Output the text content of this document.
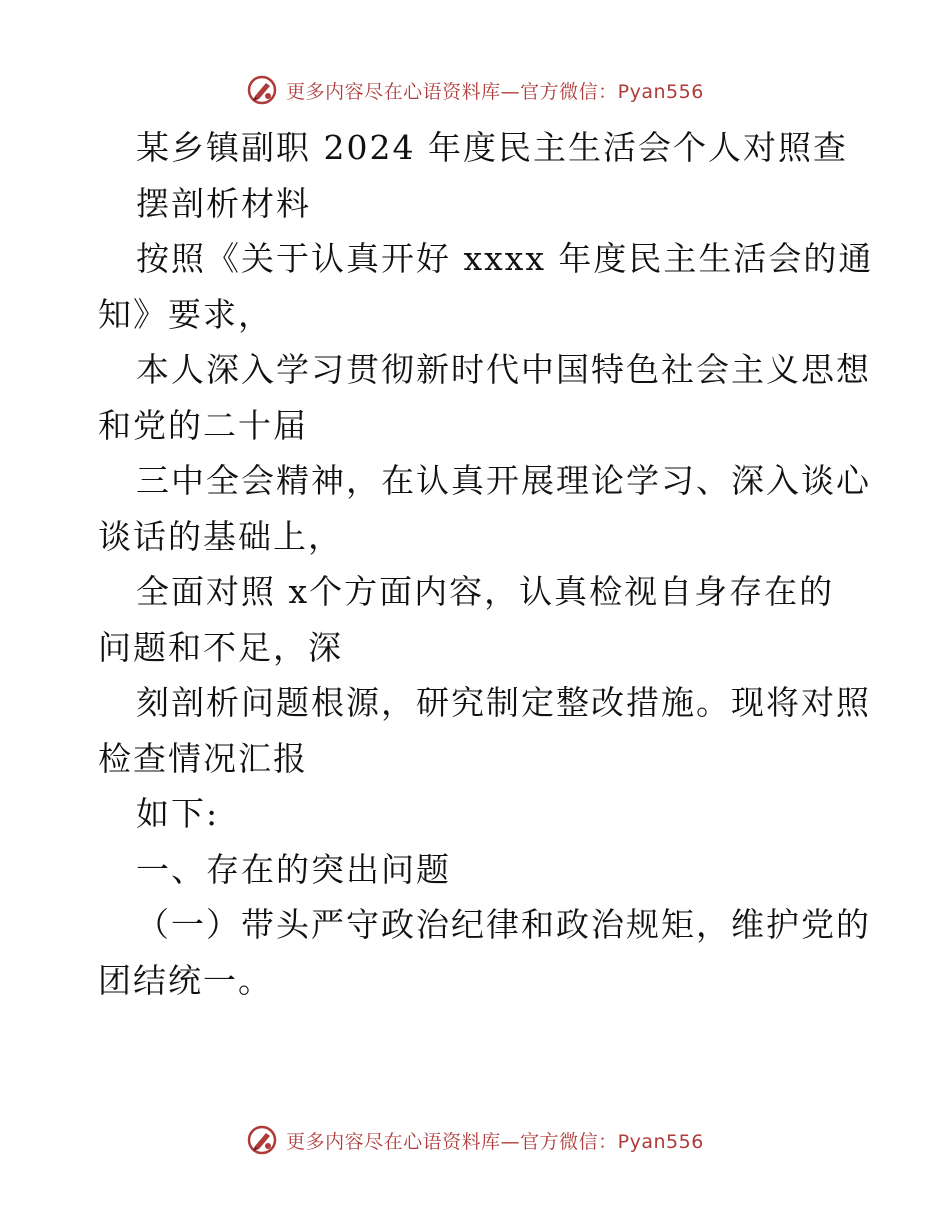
更多内容尽在心语资料库—官方微信：Pyan556
某乡镇副职 2024 年度民主生活会个人对照查
摆剖析材料
按照《关于认真开好 xxxx 年度民主生活会的通
知》要求，
本人深入学习贯彻新时代中国特色社会主义思想
和党的二十届
三中全会精神，在认真开展理论学习、深入谈心
谈话的基础上，
全面对照 x个方面内容，认真检视自身存在的
问题和不足，深
刻剖析问题根源，研究制定整改措施。现将对照
检查情况汇报
如下:
一、存在的突出问题
（一）带头严守政治纪律和政治规矩，维护党的
团结统一。
更多内容尽在心语资料库—官方微信：Pyan556
